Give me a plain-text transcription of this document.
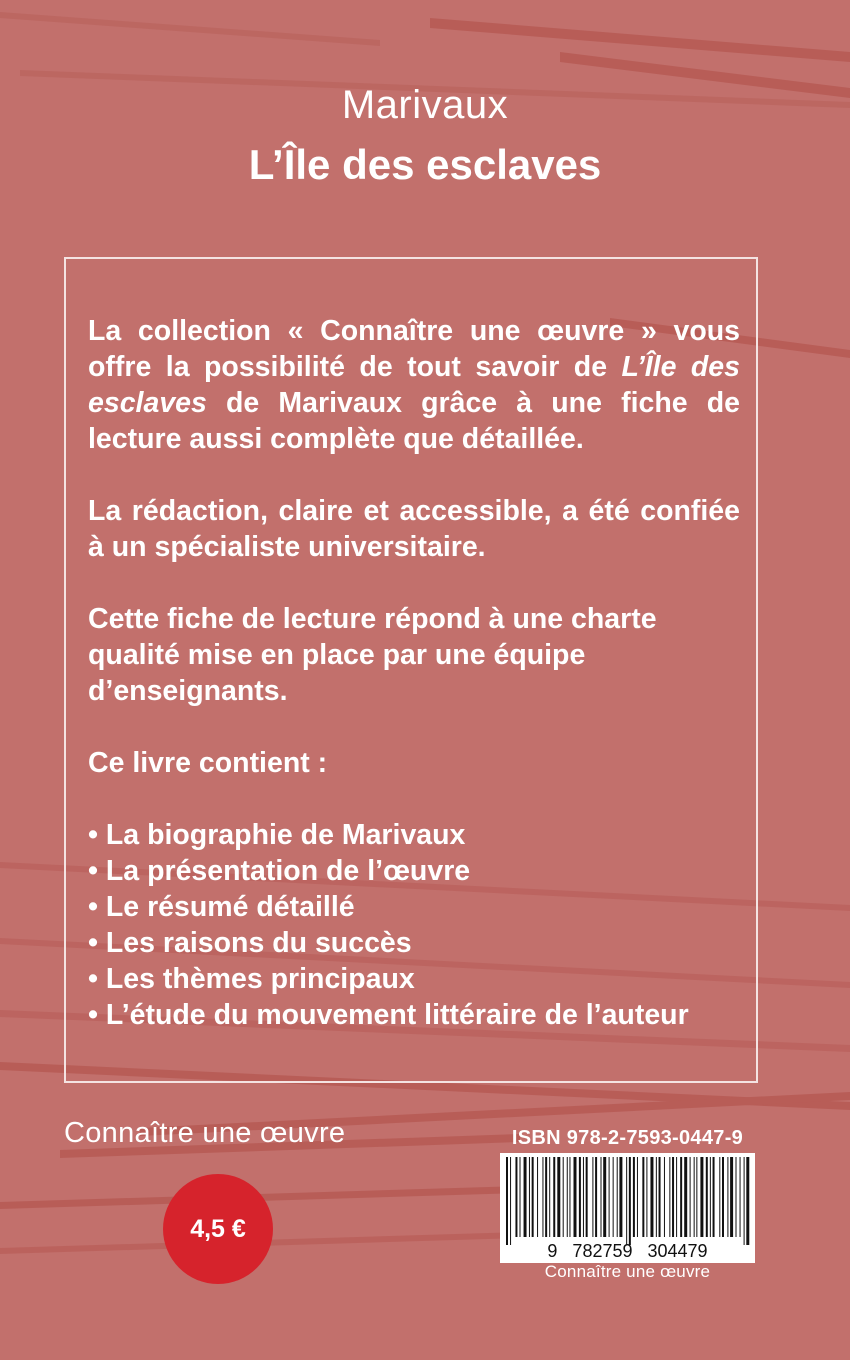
Marivaux
L’Île des esclaves

La collection « Connaître une œuvre » vous offre la possibilité de tout savoir de L’Île des esclaves de Marivaux grâce à une fiche de lecture aussi complète que détaillée.

La rédaction, claire et accessible, a été confiée à un spécialiste universitaire.

Cette fiche de lecture répond à une charte qualité mise en place par une équipe d’enseignants.

Ce livre contient :
• La biographie de Marivaux
• La présentation de l’œuvre
• Le résumé détaillé
• Les raisons du succès
• Les thèmes principaux
• L’étude du mouvement littéraire de l’auteur
Connaître une œuvre
4,5 €
ISBN 978-2-7593-0447-9
9   782759   304479
Connaître une œuvre
